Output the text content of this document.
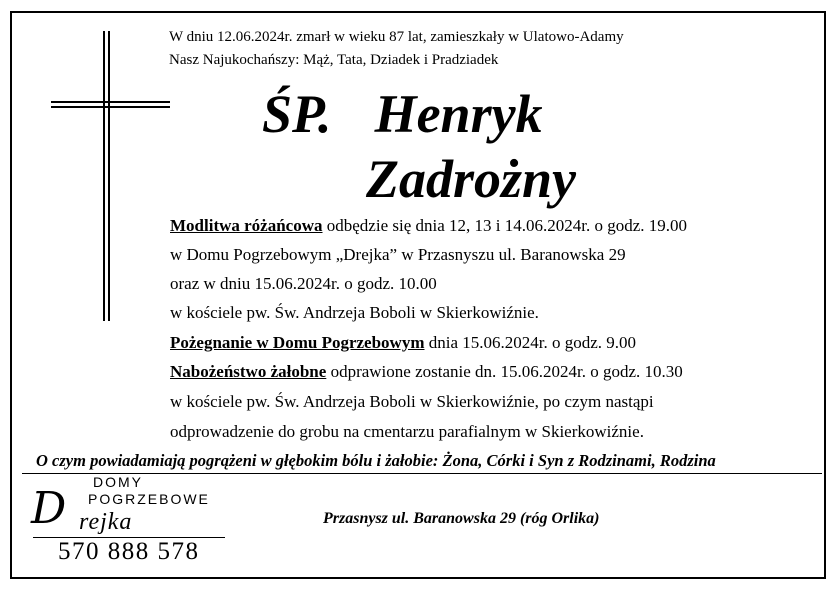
W dniu 12.06.2024r. zmarł w wieku 87 lat, zamieszkały w Ulatowo-Adamy
Nasz Najukochańszy: Mąż, Tata, Dziadek i Pradziadek
ŚP. Henryk
Zadrożny
Modlitwa różańcowa odbędzie się dnia 12, 13 i 14.06.2024r. o godz. 19.00
w Domu Pogrzebowym „Drejka” w Przasnyszu ul. Baranowska 29
oraz w dniu 15.06.2024r. o godz. 10.00
w kościele pw. Św. Andrzeja Boboli w Skierkowiźnie.
Pożegnanie w Domu Pogrzebowym dnia 15.06.2024r. o godz. 9.00
Nabożeństwo żałobne odprawione zostanie dn. 15.06.2024r. o godz. 10.30
w kościele pw. Św. Andrzeja Boboli w Skierkowiźnie, po czym nastąpi
odprowadzenie do grobu na cmentarzu parafialnym w Skierkowiźnie.
O czym powiadamiają pogrążeni w głębokim bólu i żałobie: Żona, Córki i Syn z Rodzinami, Rodzina
DOMY
POGRZEBOWE
D rejka
570 888 578
Przasnysz ul. Baranowska 29 (róg Orlika)
